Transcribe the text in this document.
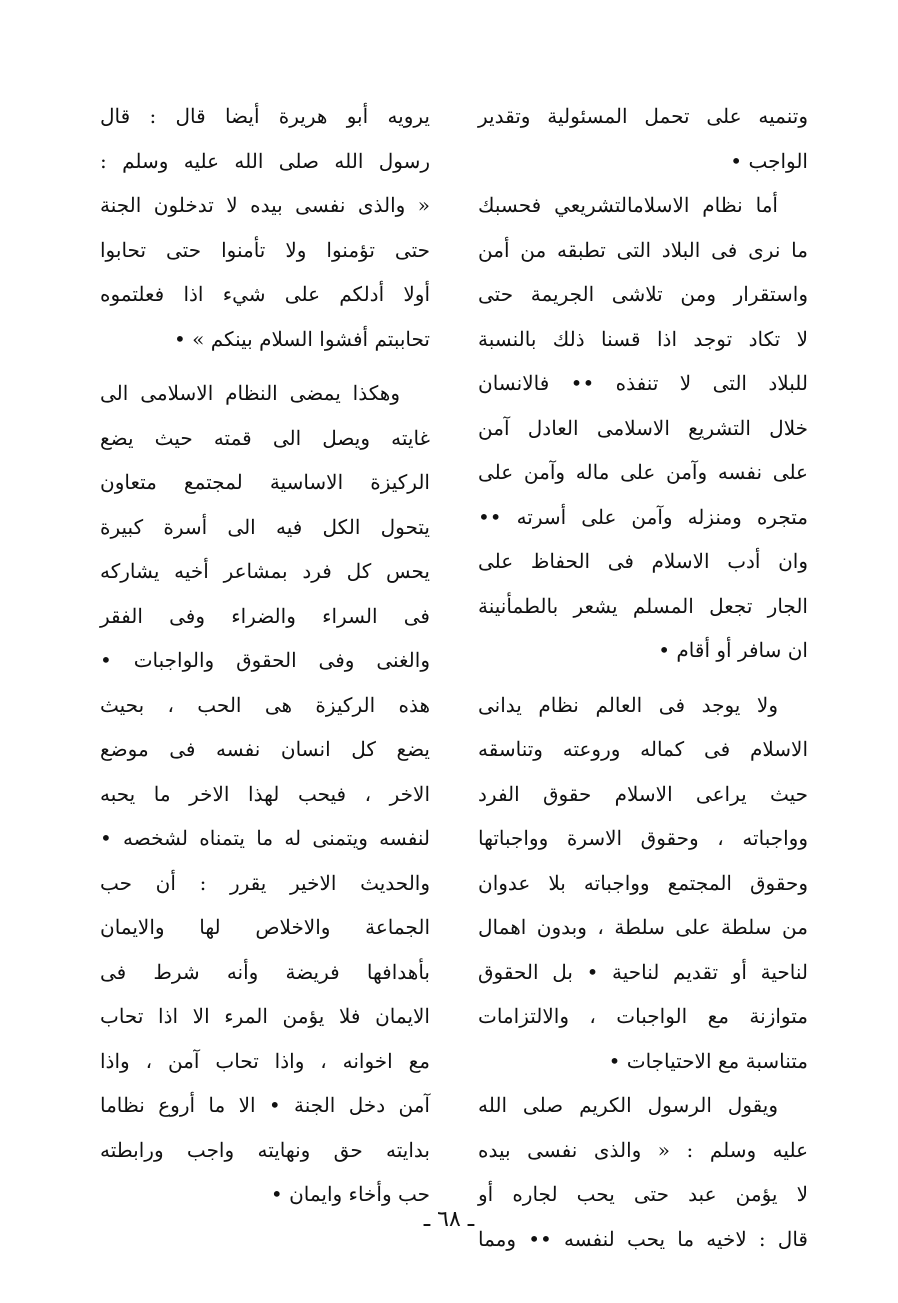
وتنميه على تحمل المسئولية وتقدير
الواجب •
أما نظام الاسلامالتشريعي فحسبك
ما نرى فى البلاد التى تطبقه من أمن
واستقرار ومن تلاشى الجريمة حتى
لا تكاد توجد اذا قسنا ذلك بالنسبة
للبلاد التى لا تنفذه •• فالانسان
خلال التشريع الاسلامى العادل آمن
على نفسه وآمن على ماله وآمن على
متجره ومنزله وآمن على أسرته ••
وان أدب الاسلام فى الحفاظ على
الجار تجعل المسلم يشعر بالطمأنينة
ان سافر أو أقام •
ولا يوجد فى العالم نظام يدانى
الاسلام فى كماله وروعته وتناسقه
حيث يراعى الاسلام حقوق الفرد
وواجباته ، وحقوق الاسرة وواجباتها
وحقوق المجتمع وواجباته بلا عدوان
من سلطة على سلطة ، وبدون اهمال
لناحية أو تقديم لناحية • بل الحقوق
متوازنة مع الواجبات ، والالتزامات
متناسبة مع الاحتياجات •
ويقول الرسول الكريم صلى الله
عليه وسلم : « والذى نفسى بيده
لا يؤمن عبد حتى يحب لجاره أو
قال : لاخيه ما يحب لنفسه •• ومما
يرويه أبو هريرة أيضا قال : قال
رسول الله صلى الله عليه وسلم :
« والذى نفسى بيده لا تدخلون الجنة
حتى تؤمنوا ولا تأمنوا حتى تحابوا
أولا أدلكم على شيء اذا فعلتموه
تحاببتم أفشوا السلام بينكم » •
وهكذا يمضى النظام الاسلامى الى
غايته ويصل الى قمته حيث يضع
الركيزة الاساسية لمجتمع متعاون
يتحول الكل فيه الى أسرة كبيرة
يحس كل فرد بمشاعر أخيه يشاركه
فى السراء والضراء وفى الفقر
والغنى وفى الحقوق والواجبات •
هذه الركيزة هى الحب ، بحيث
يضع كل انسان نفسه فى موضع
الاخر ، فيحب لهذا الاخر ما يحبه
لنفسه ويتمنى له ما يتمناه لشخصه •
والحديث الاخير يقرر : أن حب
الجماعة والاخلاص لها والايمان
بأهدافها فريضة وأنه شرط فى
الايمان فلا يؤمن المرء الا اذا تحاب
مع اخوانه ، واذا تحاب آمن ، واذا
آمن دخل الجنة • الا ما أروع نظاما
بدايته حق ونهايته واجب ورابطته
حب وأخاء وايمان •
ـ ٦٨ ـ
